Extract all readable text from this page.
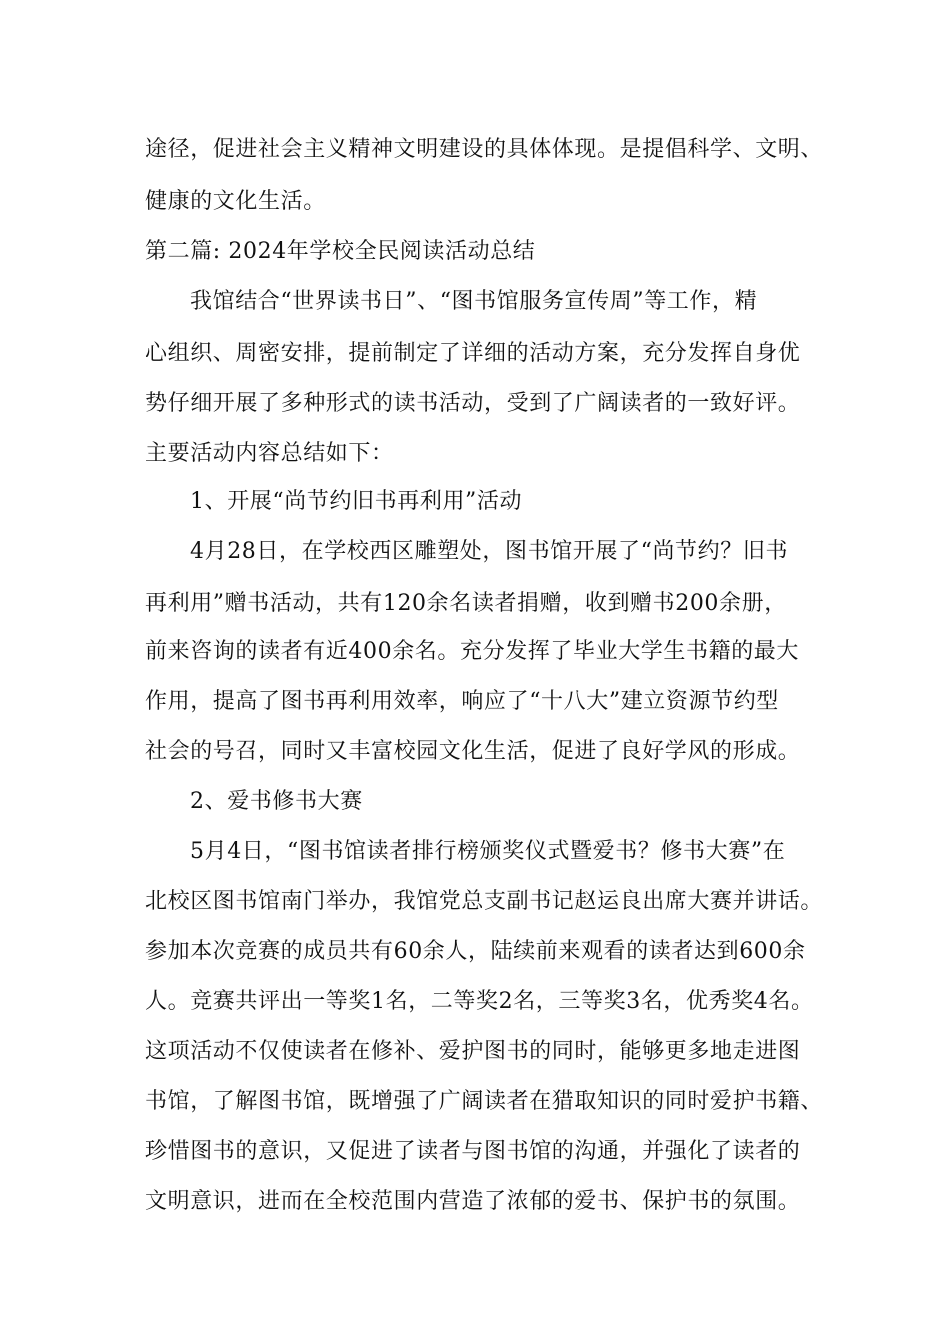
途径，促进社会主义精神文明建设的具体体现。是提倡科学、文明、
健康的文化生活。
第二篇: 2024年学校全民阅读活动总结
我馆结合“世界读书日”、“图书馆服务宣传周”等工作，精
心组织、周密安排，提前制定了详细的活动方案，充分发挥自身优
势仔细开展了多种形式的读书活动，受到了广阔读者的一致好评。
主要活动内容总结如下：
1、开展“尚节约旧书再利用”活动
4月28日，在学校西区雕塑处，图书馆开展了“尚节约？旧书
再利用”赠书活动，共有120余名读者捐赠，收到赠书200余册，
前来咨询的读者有近400余名。充分发挥了毕业大学生书籍的最大
作用，提高了图书再利用效率，响应了“十八大”建立资源节约型
社会的号召，同时又丰富校园文化生活，促进了良好学风的形成。
2、爱书修书大赛
5月4日，“图书馆读者排行榜颁奖仪式暨爱书？修书大赛”在
北校区图书馆南门举办，我馆党总支副书记赵运良出席大赛并讲话。
参加本次竞赛的成员共有60余人，陆续前来观看的读者达到600余
人。竞赛共评出一等奖1名，二等奖2名，三等奖3名，优秀奖4名。
这项活动不仅使读者在修补、爱护图书的同时，能够更多地走进图
书馆，了解图书馆，既增强了广阔读者在猎取知识的同时爱护书籍、
珍惜图书的意识，又促进了读者与图书馆的沟通，并强化了读者的
文明意识，进而在全校范围内营造了浓郁的爱书、保护书的氛围。
